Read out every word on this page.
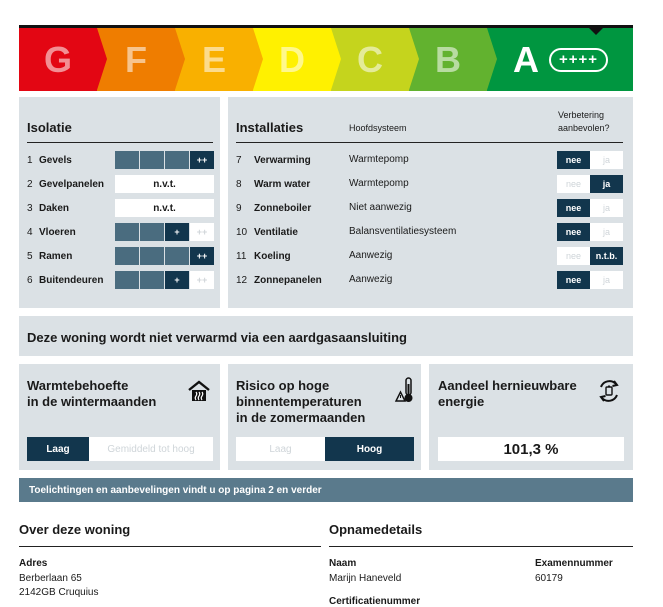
G F E D C B A	++++
Isolatie
1 Gevels	++
2 Gevelpanelen	n.v.t.
3 Daken	n.v.t.
4 Vloeren	+	++
5 Ramen	++
6 Buitendeuren	+	++
Installaties	Hoofdsysteem
Verbetering aanbevolen?
7	Verwarming	Warmtepomp	nee	ja
8	Warm water	Warmtepomp	nee	ja
9	Zonneboiler	Niet aanwezig	nee	ja
10 Ventilatie	Balansventilatiesysteem	nee	ja
11 Koeling	Aanwezig	nee	n.t.b.
12 Zonnepanelen	Aanwezig	nee	ja
Deze woning wordt niet verwarmd via een aardgasaansluiting
Warmtebehoefte
in de wintermaanden
Laag	Gemiddeld tot hoog
Risico op hoge
binnentemperaturen
in de zomermaanden
Laag	Hoog
Aandeel hernieuwbare
energie
101,3 %
Toelichtingen en aanbevelingen vindt u op pagina 2 en verder
Over deze woning
Adres
Berberlaan 65
2142GB Cruquius
Opnamedetails
Naam
Marijn Haneveld
Examennummer
60179
Certificatienummer
